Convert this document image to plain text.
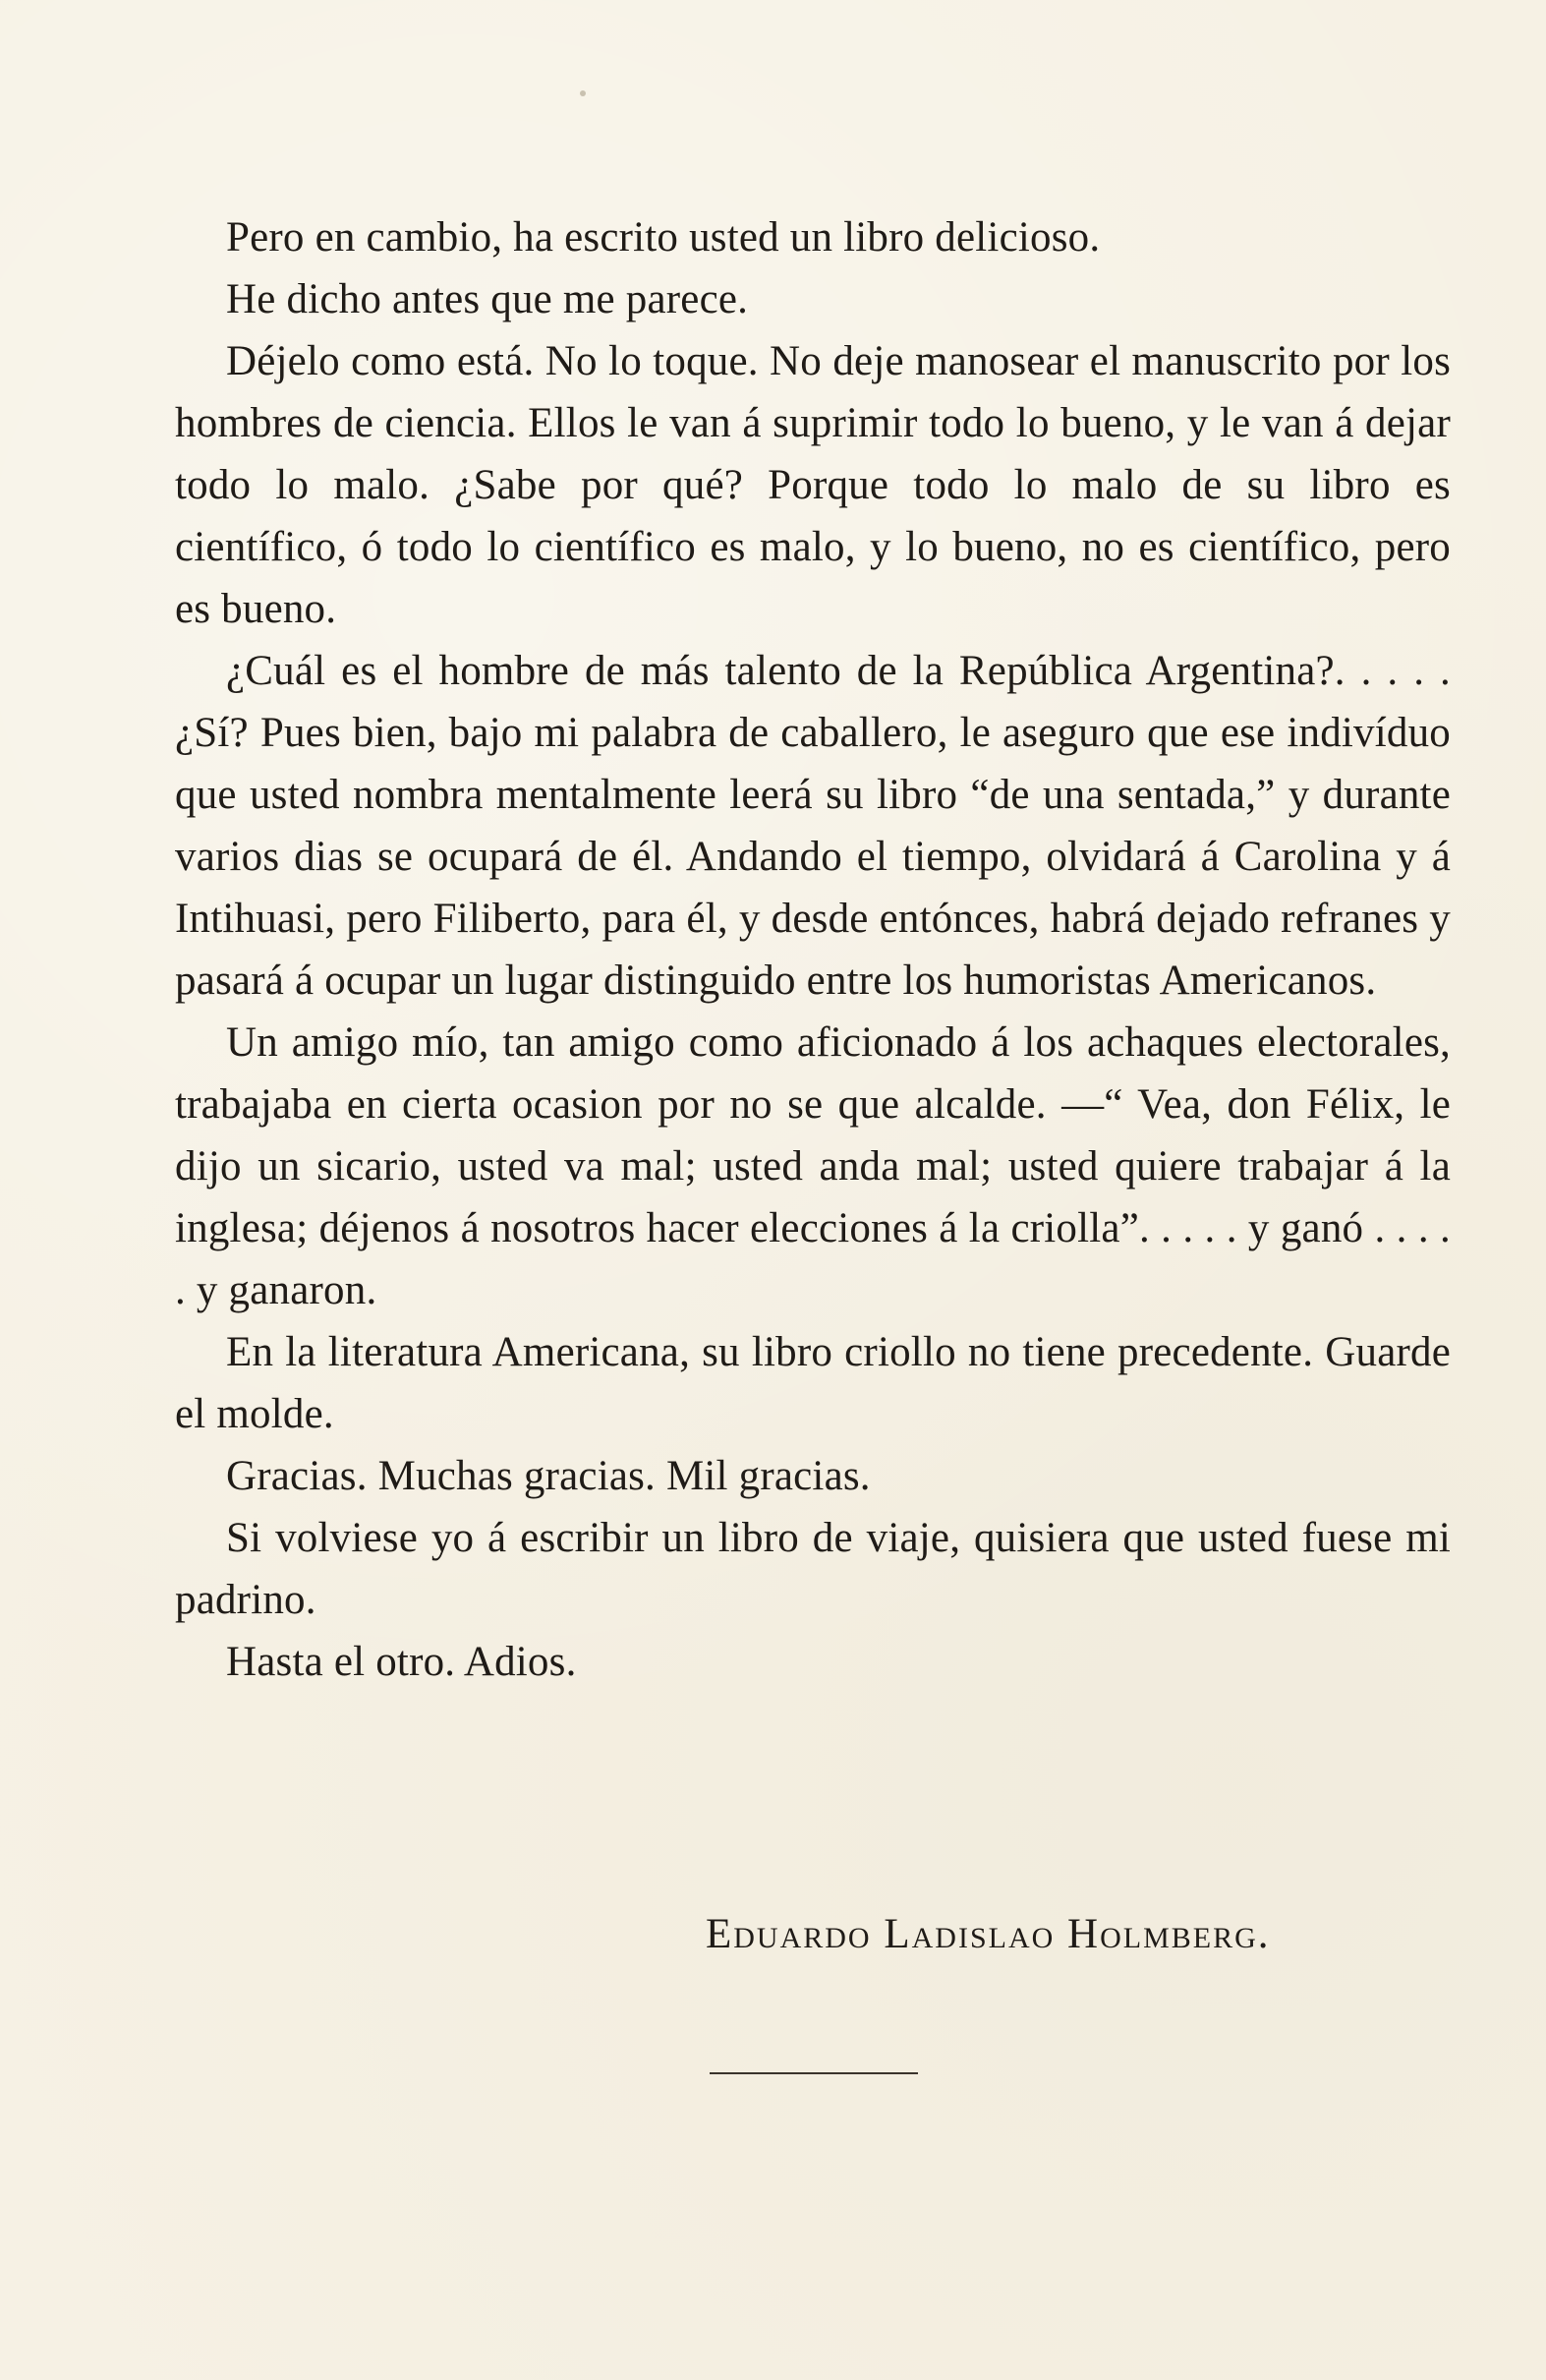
Pero en cambio, ha escrito usted un libro delicioso.

He dicho antes que me parece.

Déjelo como está. No lo toque. No deje manosear el manuscrito por los hombres de ciencia. Ellos le van á suprimir todo lo bueno, y le van á dejar todo lo malo. ¿Sabe por qué? Porque todo lo malo de su libro es científico, ó todo lo científico es malo, y lo bueno, no es científico, pero es bueno.

¿Cuál es el hombre de más talento de la República Argentina?. . . . . ¿Sí? Pues bien, bajo mi palabra de caballero, le aseguro que ese indivíduo que usted nombra mentalmente leerá su libro “de una sentada,” y durante varios dias se ocupará de él. Andando el tiempo, olvidará á Carolina y á Intihuasi, pero Filiberto, para él, y desde entónces, habrá dejado refranes y pasará á ocupar un lugar distinguido entre los humoristas Americanos.

Un amigo mío, tan amigo como aficionado á los achaques electorales, trabajaba en cierta ocasion por no se que alcalde. —“ Vea, don Félix, le dijo un sicario, usted va mal; usted anda mal; usted quiere trabajar á la inglesa; déjenos á nosotros hacer elecciones á la criolla”. . . . . y ganó . . . . . y ganaron.

En la literatura Americana, su libro criollo no tiene precedente. Guarde el molde.

Gracias. Muchas gracias. Mil gracias.

Si volviese yo á escribir un libro de viaje, quisiera que usted fuese mi padrino.

Hasta el otro. Adios.

Eduardo Ladislao Holmberg.
